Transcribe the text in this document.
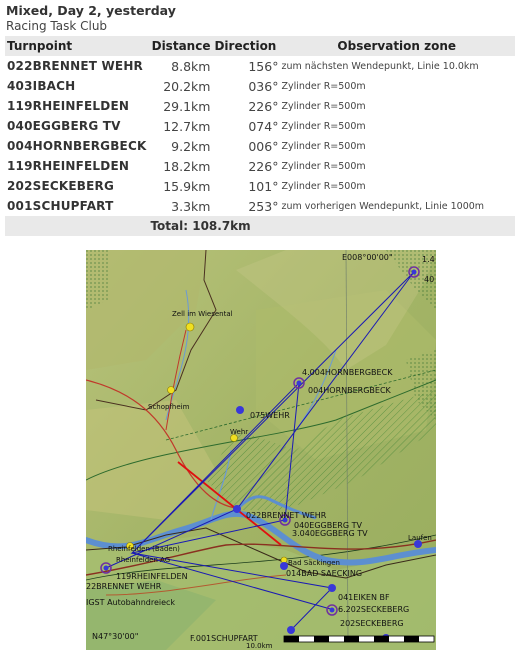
Mixed, Day 2, yesterday
Racing Task Club
Turnpoint	Distance	Direction	Observation zone
022BRENNET WEHR	8.8km	156°	zum nächsten Wendepunkt, Linie 10.0km
403IBACH	20.2km	036°	Zylinder R=500m
119RHEINFELDEN	29.1km	226°	Zylinder R=500m
040EGGBERG TV	12.7km	074°	Zylinder R=500m
004HORNBERGBECK	9.2km	006°	Zylinder R=500m
119RHEINFELDEN	18.2km	226°	Zylinder R=500m
202SECKEBERG	15.9km	101°	Zylinder R=500m
001SCHUPFART	3.3km	253°	zum vorherigen Wendepunkt, Linie 1000m
	Total: 108.7km		
Zell im Wiesental
Schopfheim
Wehr
075WEHR
4.004HORNBERGBECK
004HORNBERGBECK
022BRENNET WEHR
040EGGBERG TV
3.040EGGBERG TV
Rheinfelden (Baden)
Rheinfelden AG
119RHEINFELDEN
22BRENNET WEHR
Bad Säckingen
014BAD SAECKING
IGST Autobahndreieck
041EIKEN BF
6.202SECKEBERG
202SECKEBERG
N47°30'00"	F.001SCHUPFART
E008°00'00"	1.4
40
Laufen
10.0km
